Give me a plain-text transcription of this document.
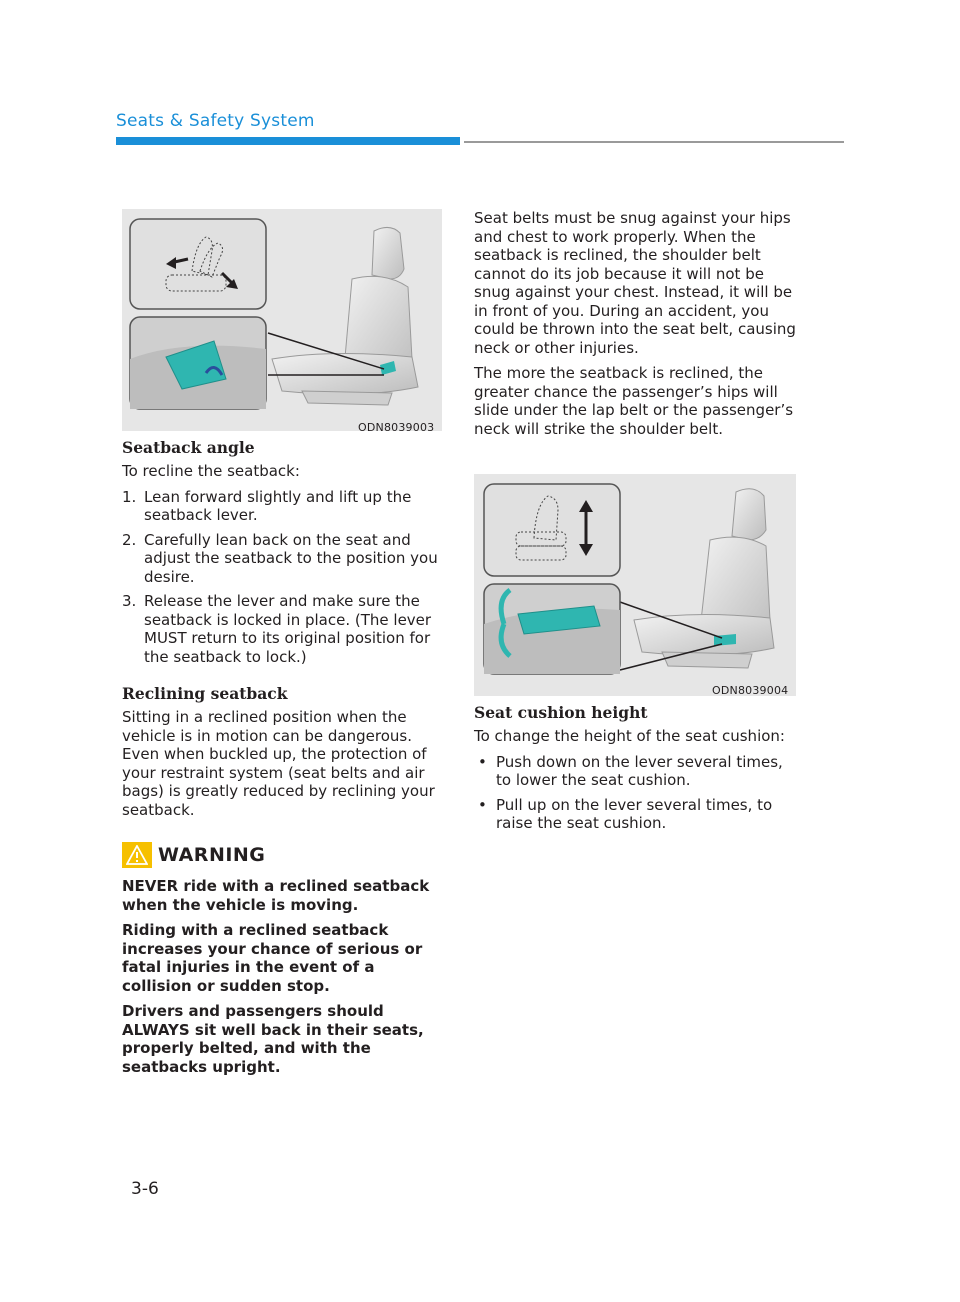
Seats & Safety System
ODN8039003
Seatback angle

To recline the seatback:

1. Lean forward slightly and lift up the seatback lever.
2. Carefully lean back on the seat and adjust the seatback to the position you desire.
3. Release the lever and make sure the seatback is locked in place. (The lever MUST return to its original position for the seatback to lock.)
Reclining seatback

Sitting in a reclined position when the vehicle is in motion can be dangerous. Even when buckled up, the protection of your restraint system (seat belts and air bags) is greatly reduced by reclining your seatback.

WARNING

NEVER ride with a reclined seatback when the vehicle is moving.

Riding with a reclined seatback increases your chance of serious or fatal injuries in the event of a collision or sudden stop.

Drivers and passengers should ALWAYS sit well back in their seats, properly belted, and with the seatbacks upright.

Seat belts must be snug against your hips and chest to work properly. When the seatback is reclined, the shoulder belt cannot do its job because it will not be snug against your chest. Instead, it will be in front of you. During an accident, you could be thrown into the seat belt, causing neck or other injuries.

The more the seatback is reclined, the greater chance the passenger’s hips will slide under the lap belt or the passenger’s neck will strike the shoulder belt.

ODN8039004
Seat cushion height

To change the height of the seat cushion:

• Push down on the lever several times, to lower the seat cushion.
• Pull up on the lever several times, to raise the seat cushion.
3-6
